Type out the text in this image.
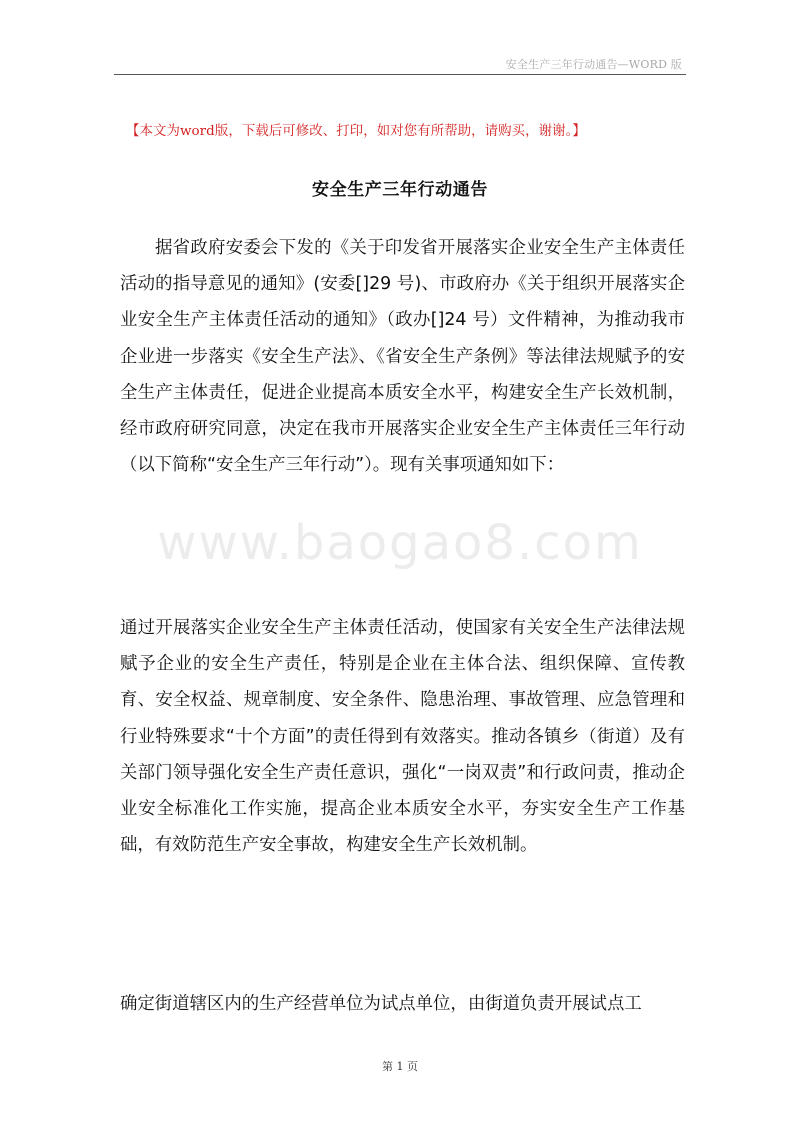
安全生产三年行动通告—WORD 版
【本文为word版，下载后可修改、打印，如对您有所帮助，请购买，谢谢。】
安全生产三年行动通告
据省政府安委会下发的《关于印发省开展落实企业安全生产主体责任活动的指导意见的通知》(安委[]29 号)、市政府办《关于组织开展落实企业安全生产主体责任活动的通知》（政办[]24 号）文件精神，为推动我市企业进一步落实《安全生产法》、《省安全生产条例》等法律法规赋予的安全生产主体责任，促进企业提高本质安全水平，构建安全生产长效机制，经市政府研究同意，决定在我市开展落实企业安全生产主体责任三年行动（以下简称“安全生产三年行动”）。现有关事项通知如下：
www.baogao8.com
通过开展落实企业安全生产主体责任活动，使国家有关安全生产法律法规赋予企业的安全生产责任，特别是企业在主体合法、组织保障、宣传教育、安全权益、规章制度、安全条件、隐患治理、事故管理、应急管理和行业特殊要求“十个方面”的责任得到有效落实。推动各镇乡（街道）及有关部门领导强化安全生产责任意识，强化“一岗双责”和行政问责，推动企业安全标准化工作实施，提高企业本质安全水平，夯实安全生产工作基础，有效防范生产安全事故，构建安全生产长效机制。
确定街道辖区内的生产经营单位为试点单位，由街道负责开展试点工
第 1 页
